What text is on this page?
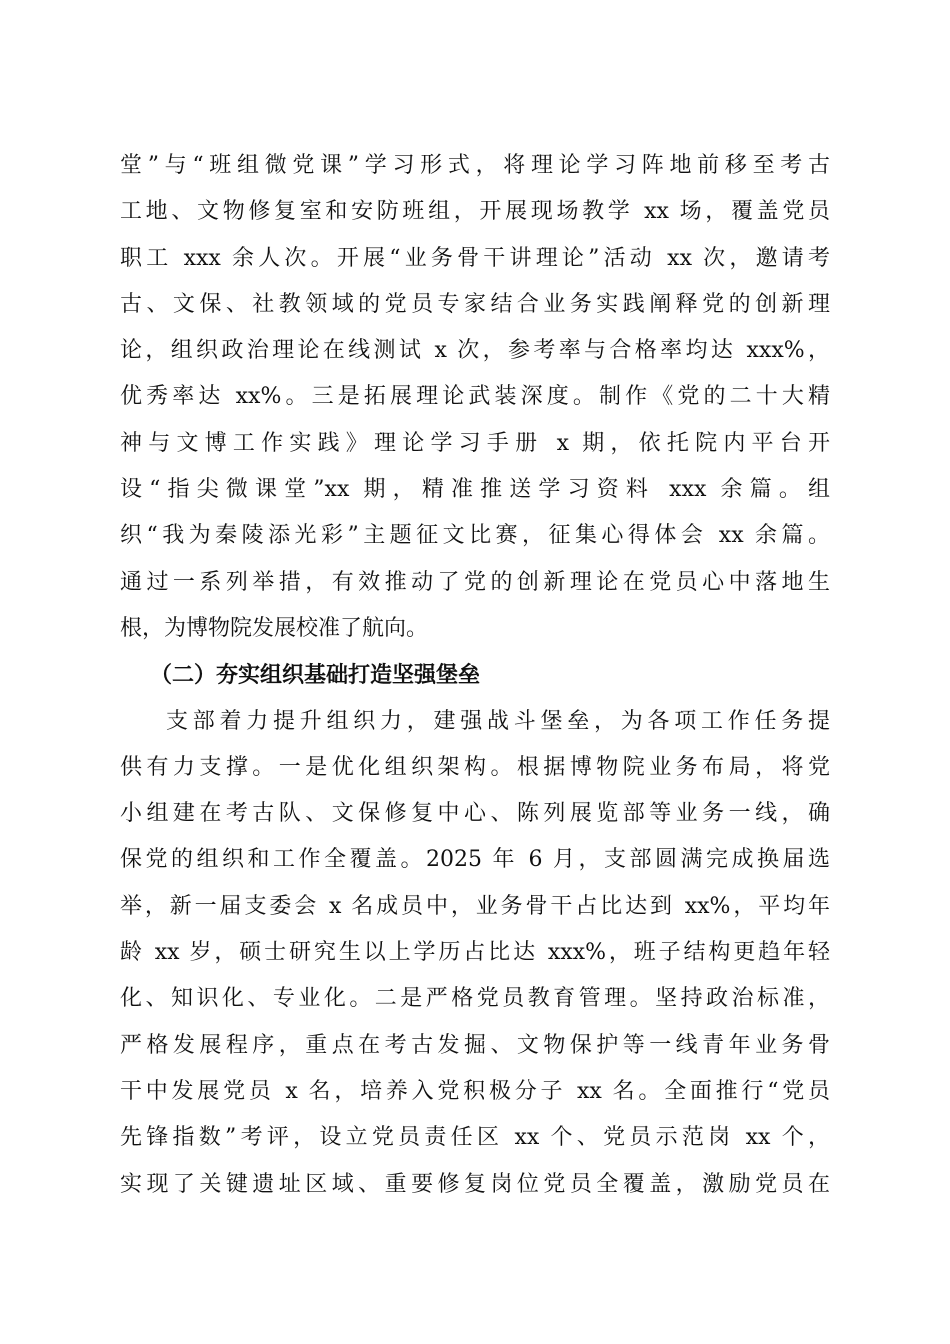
堂”与“班组微党课”学习形式，将理论学习阵地前移至考古
工地、文物修复室和安防班组，开展现场教学 xx 场，覆盖党员
职工 xxx 余人次。开展“业务骨干讲理论”活动 xx 次，邀请考
古、文保、社教领域的党员专家结合业务实践阐释党的创新理
论，组织政治理论在线测试 x 次，参考率与合格率均达 xxx%，
优秀率达 xx%。三是拓展理论武装深度。制作《党的二十大精
神与文博工作实践》理论学习手册 x 期，依托院内平台开
设“指尖微课堂”xx 期，精准推送学习资料 xxx 余篇。组
织“我为秦陵添光彩”主题征文比赛，征集心得体会 xx 余篇。
通过一系列举措，有效推动了党的创新理论在党员心中落地生
根，为博物院发展校准了航向。
（二）夯实组织基础打造坚强堡垒
支部着力提升组织力，建强战斗堡垒，为各项工作任务提
供有力支撑。一是优化组织架构。根据博物院业务布局，将党
小组建在考古队、文保修复中心、陈列展览部等业务一线，确
保党的组织和工作全覆盖。2025 年 6 月，支部圆满完成换届选
举，新一届支委会 x 名成员中，业务骨干占比达到 xx%，平均年
龄 xx 岁，硕士研究生以上学历占比达 xxx%，班子结构更趋年轻
化、知识化、专业化。二是严格党员教育管理。坚持政治标准，
严格发展程序，重点在考古发掘、文物保护等一线青年业务骨
干中发展党员 x 名，培养入党积极分子 xx 名。全面推行“党员
先锋指数”考评，设立党员责任区 xx 个、党员示范岗 xx 个，
实现了关键遗址区域、重要修复岗位党员全覆盖，激励党员在
